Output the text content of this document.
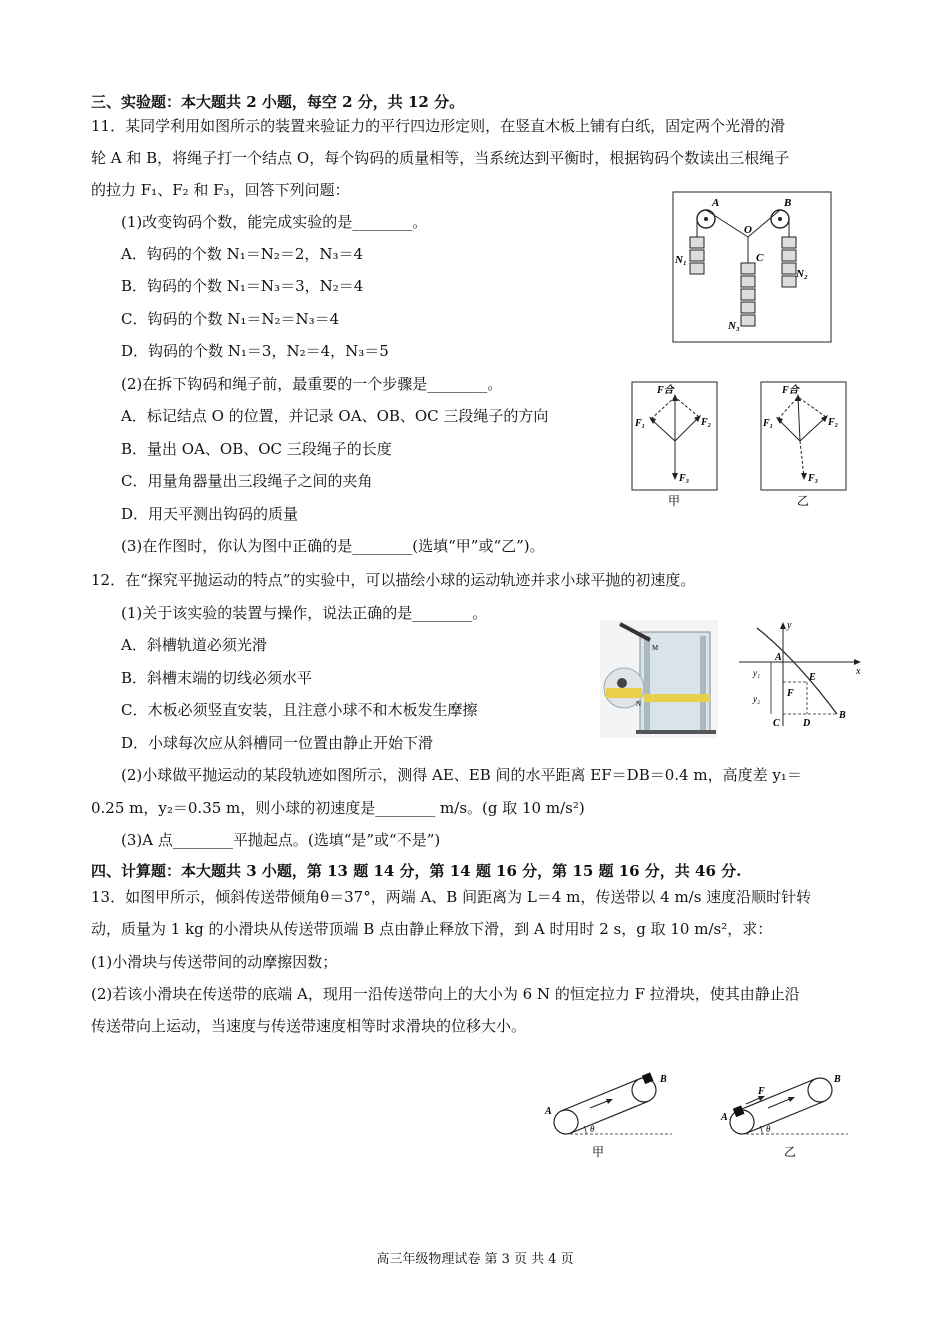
三、实验题：本大题共 2 小题，每空 2 分，共 12 分。
11．某同学利用如图所示的装置来验证力的平行四边形定则，在竖直木板上铺有白纸，固定两个光滑的滑
轮 A 和 B，将绳子打一个结点 O，每个钩码的质量相等，当系统达到平衡时，根据钩码个数读出三根绳子
的拉力 F₁、F₂ 和 F₃，回答下列问题：
(1)改变钩码个数，能完成实验的是________。
A．钩码的个数 N₁＝N₂＝2，N₃＝4
B．钩码的个数 N₁＝N₃＝3，N₂＝4
C．钩码的个数 N₁＝N₂＝N₃＝4
D．钩码的个数 N₁＝3，N₂＝4，N₃＝5
(2)在拆下钩码和绳子前，最重要的一个步骤是________。
A．标记结点 O 的位置，并记录 OA、OB、OC 三段绳子的方向
B．量出 OA、OB、OC 三段绳子的长度
C．用量角器量出三段绳子之间的夹角
D．用天平测出钩码的质量
(3)在作图时，你认为图中正确的是________(选填“甲”或“乙”)。
A	B
O
C
N₁
N₂
N₃
F合
F₁	F₂
F₃
甲
F合
F₁	F₂
F₃
乙
12．在“探究平抛运动的特点”的实验中，可以描绘小球的运动轨迹并求小球平抛的初速度。
(1)关于该实验的装置与操作，说法正确的是________。
A．斜槽轨道必须光滑
B．斜槽末端的切线必须水平
C．木板必须竖直安装，且注意小球不和木板发生摩擦
D．小球每次应从斜槽同一位置由静止开始下滑
(2)小球做平抛运动的某段轨迹如图所示，测得 AE、EB 间的水平距离 EF＝DB＝0.4 m，高度差 y₁＝
0.25 m，y₂＝0.35 m，则小球的初速度是________ m/s。(g 取 10 m/s²)
(3)A 点________平抛起点。(选填“是”或“不是”)
M
N
y
x
A
E
F
B
C D
y₁
y₂
四、计算题：本大题共 3 小题，第 13 题 14 分，第 14 题 16 分，第 15 题 16 分，共 46 分.
13．如图甲所示，倾斜传送带倾角θ＝37°，两端 A、B 间距离为 L＝4 m，传送带以 4 m/s 速度沿顺时针转
动，质量为 1 kg 的小滑块从传送带顶端 B 点由静止释放下滑，到 A 时用时 2 s，g 取 10 m/s²，求：
(1)小滑块与传送带间的动摩擦因数；
(2)若该小滑块在传送带的底端 A，现用一沿传送带向上的大小为 6 N 的恒定拉力 F 拉滑块，使其由静止沿
传送带向上运动，当速度与传送带速度相等时求滑块的位移大小。
A
B
θ
甲
A
B
F
θ
乙
高三年级物理试卷 第 3 页 共 4 页
